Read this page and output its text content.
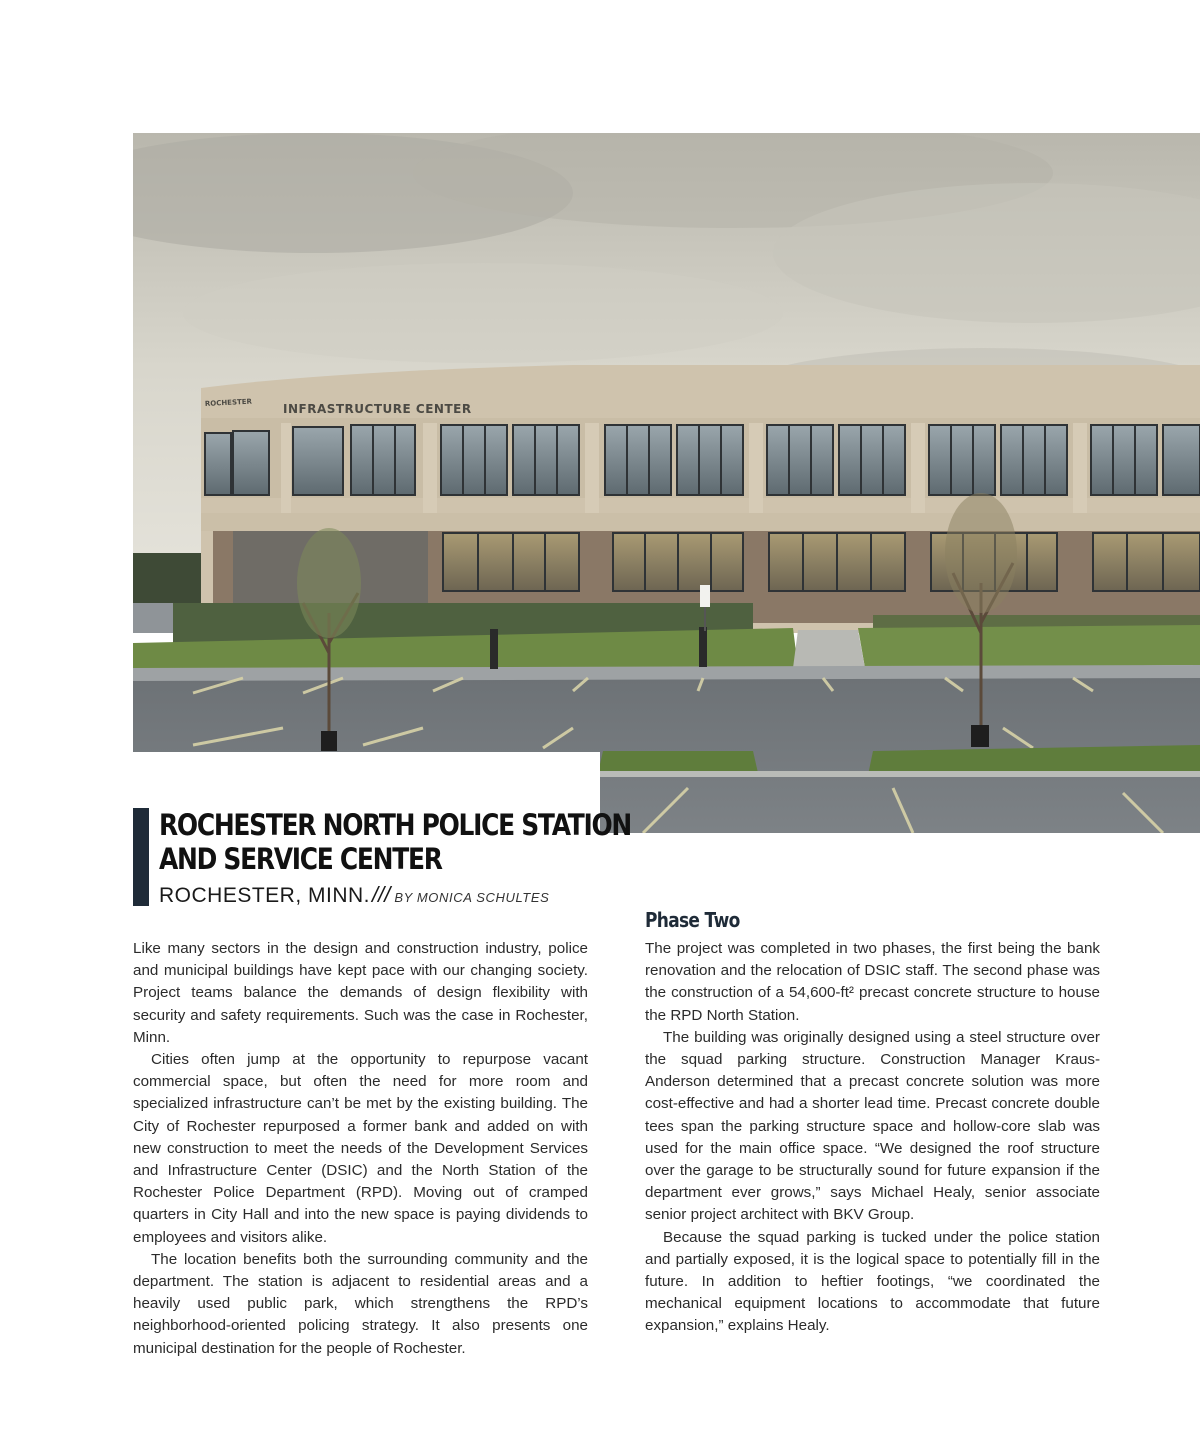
INFRASTRUCTURE CENTER
ROCHESTER
ROCHESTER NORTH POLICE STATION
AND SERVICE CENTER
ROCHESTER, MINN./// BY MONICA SCHULTES

Like many sectors in the design and construction industry, police and municipal buildings have kept pace with our changing society. Project teams balance the demands of design flexibility with security and safety requirements. Such was the case in Rochester, Minn.

Cities often jump at the opportunity to repurpose vacant commercial space, but often the need for more room and specialized infrastructure can’t be met by the existing building. The City of Rochester repurposed a former bank and added on with new construction to meet the needs of the Development Services and Infrastructure Center (DSIC) and the North Station of the Rochester Police Department (RPD). Moving out of cramped quarters in City Hall and into the new space is paying dividends to employees and visitors alike.

The location benefits both the surrounding community and the department. The station is adjacent to residential areas and a heavily used public park, which strengthens the RPD’s neighborhood-oriented policing strategy. It also presents one municipal destination for the people of Rochester.

Phase Two

The project was completed in two phases, the first being the bank renovation and the relocation of DSIC staff. The second phase was the construction of a 54,600-ft² precast concrete structure to house the RPD North Station.

The building was originally designed using a steel structure over the squad parking structure. Construction Manager Kraus-Anderson determined that a precast concrete solution was more cost-effective and had a shorter lead time. Precast concrete double tees span the parking structure space and hollow-core slab was used for the main office space. “We designed the roof structure over the garage to be structurally sound for future expansion if the department ever grows,” says Michael Healy, senior associate senior project architect with BKV Group.

Because the squad parking is tucked under the police station and partially exposed, it is the logical space to potentially fill in the future. In addition to heftier footings, “we coordinated the mechanical equipment locations to accommodate that future expansion,” explains Healy.
